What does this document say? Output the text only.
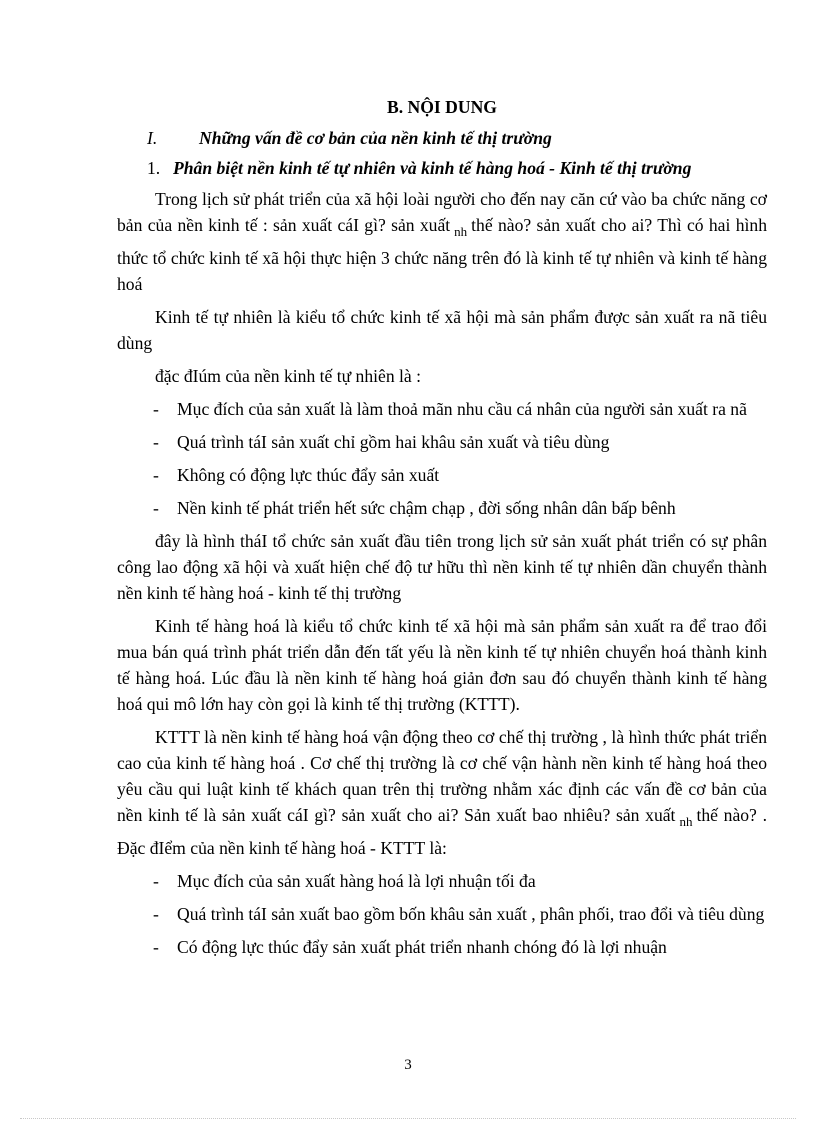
B. NỘI DUNG
I. Những vấn đề cơ bản của nền kinh tế thị trường
1. Phân biệt nền kinh tế tự nhiên và kinh tế hàng hoá - Kinh tế thị trường
Trong lịch sử phát triển của xã hội loài người cho đến nay căn cứ vào ba chức năng cơ bản của nền kinh tế : sản xuất cáI gì? sản xuất $_{nh}$ thế nào? sản xuất cho ai? Thì có hai hình thức tổ chức kinh tế xã hội thực hiện 3 chức năng trên đó là kinh tế tự nhiên và kinh tế hàng hoá
Kinh tế tự nhiên là kiểu tổ chức kinh tế xã hội mà sản phẩm được sản xuất ra nã tiêu dùng
đặc đIúm của nền kinh tế tự nhiên là :
- Mục đích của sản xuất là làm thoả mãn nhu cầu cá nhân của người sản xuất ra nã
- Quá trình táI sản xuất chỉ gồm hai khâu sản xuất và tiêu dùng
- Không có động lực thúc đẩy sản xuất
- Nền kinh tế phát triển hết sức chậm chạp , đời sống nhân dân bấp bênh
đây là hình tháI tổ chức sản xuất đầu tiên trong lịch sử sản xuất phát triển có sự phân công lao động xã hội và xuất hiện chế độ tư hữu thì nền kinh tế tự nhiên dần chuyển thành nền kinh tế hàng hoá - kinh tế thị trường
Kinh tế hàng hoá là kiểu tổ chức kinh tế xã hội mà sản phẩm sản xuất ra để trao đổi mua bán quá trình phát triển dẫn đến tất yếu là nền kinh tế tự nhiên chuyển hoá thành kinh tế hàng hoá. Lúc đầu là nền kinh tế hàng hoá giản đơn sau đó chuyển thành kinh tế hàng hoá qui mô lớn hay còn gọi là kinh tế thị trường (KTTT).
KTTT là nền kinh tế hàng hoá vận động theo cơ chế thị trường , là hình thức phát triển cao của kinh tế hàng hoá . Cơ chế thị trường là cơ chế vận hành nền kinh tế hàng hoá theo yêu cầu qui luật kinh tế khách quan trên thị trường nhằm xác định các vấn đề cơ bản của nền kinh tế là sản xuất cáI gì? sản xuất cho ai? Sản xuất bao nhiêu? sản xuất $_{nh}$ thế nào? . Đặc đIểm của nền kinh tế hàng hoá - KTTT là:
- Mục đích của sản xuất hàng hoá là lợi nhuận tối đa
- Quá trình táI sản xuất bao gồm bốn khâu sản xuất , phân phối, trao đổi và tiêu dùng
- Có động lực thúc đẩy sản xuất phát triển nhanh chóng đó là lợi nhuận
3
